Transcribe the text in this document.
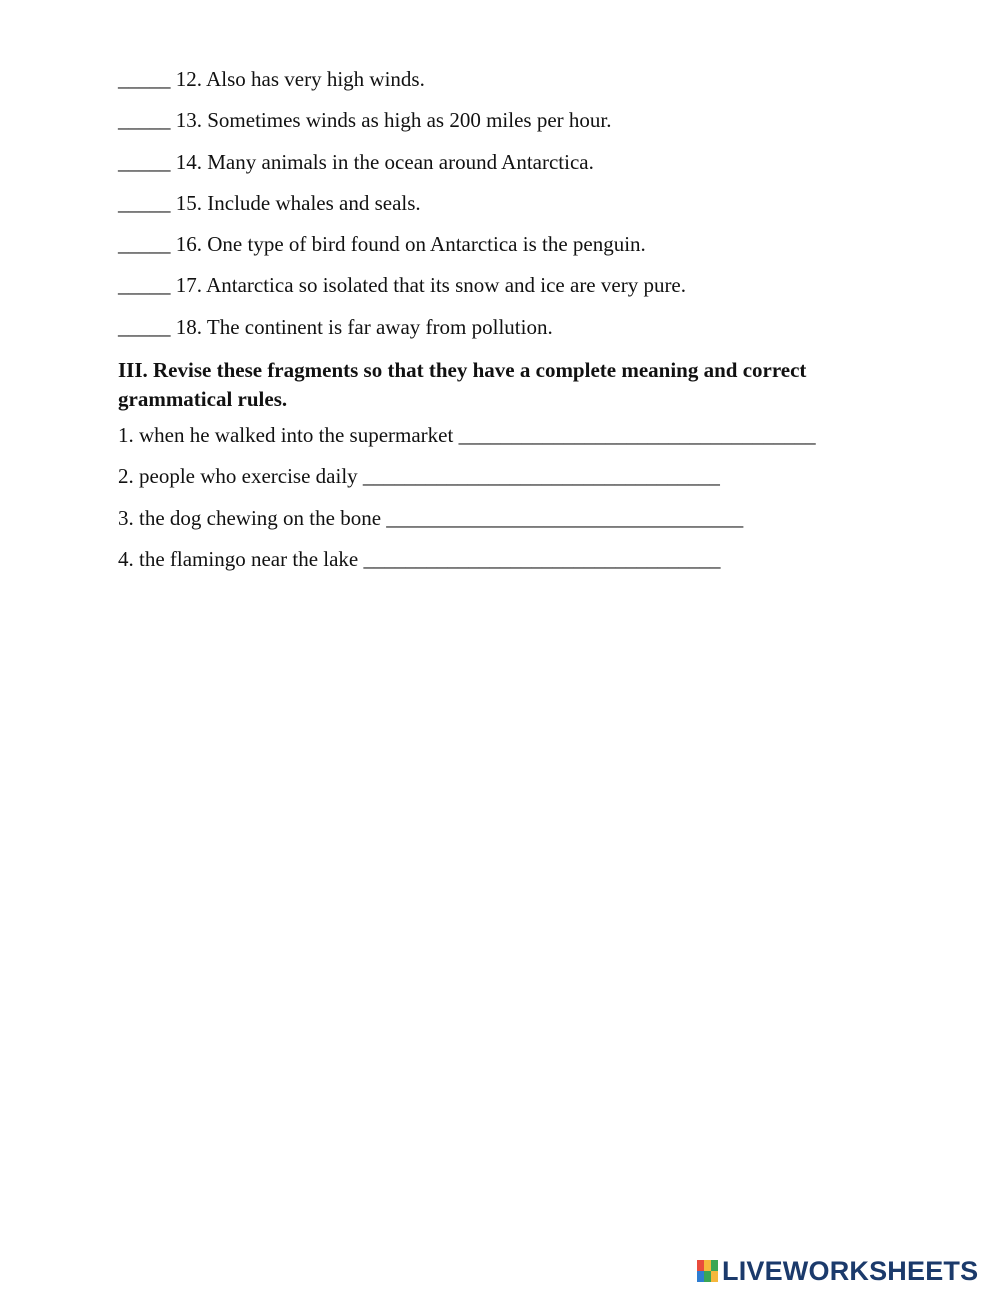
_____ 12. Also has very high winds.
_____ 13. Sometimes winds as high as 200 miles per hour.
_____ 14. Many animals in the ocean around Antarctica.
_____ 15. Include whales and seals.
_____ 16. One type of bird found on Antarctica is the penguin.
_____ 17. Antarctica so isolated that its snow and ice are very pure.
_____ 18. The continent is far away from pollution.
III. Revise these fragments so that they have a complete meaning and correct grammatical rules.
1. when he walked into the supermarket __________________________________
2. people who exercise daily __________________________________
3. the dog chewing on the bone __________________________________
4. the flamingo near the lake __________________________________
LIVEWORKSHEETS
